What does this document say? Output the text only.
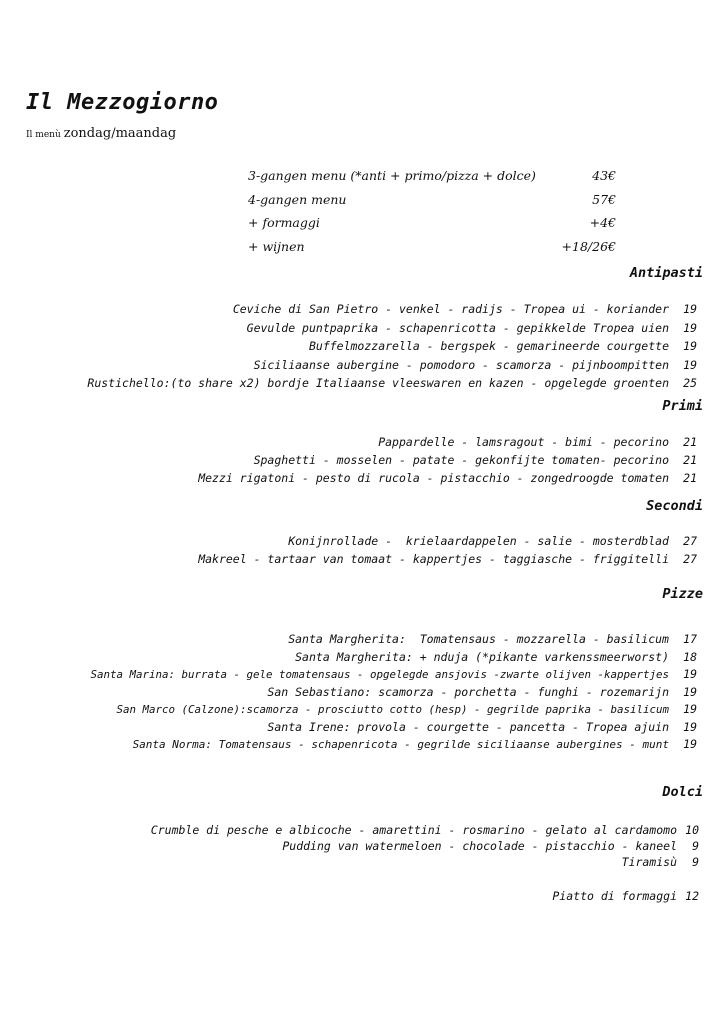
Il Mezzogiorno
Il menù zondag/maandag
3-gangen menu (*anti + primo/pizza + dolce)	43€
4-gangen menu	57€
+ formaggi	+4€
+ wijnen	+18/26€
Antipasti
Ceviche di San Pietro - venkel - radijs - Tropea ui - koriander	19
Gevulde puntpaprika - schapenricotta - gepikkelde Tropea uien	19
Buffelmozzarella - bergspek - gemarineerde courgette	19
Siciliaanse aubergine - pomodoro - scamorza - pijnboompitten	19
Rustichello:(to share x2) bordje Italiaanse vleeswaren en kazen - opgelegde groenten	25
Primi
Pappardelle - lamsragout - bimi - pecorino	21
Spaghetti - mosselen - patate - gekonfijte tomaten- pecorino	21
Mezzi rigatoni - pesto di rucola - pistacchio - zongedroogde tomaten	21
Secondi
Konijnrollade -  krielaardappelen - salie - mosterdblad	27
Makreel - tartaar van tomaat - kappertjes - taggiasche - friggitelli	27
Pizze
Santa Margherita:  Tomatensaus - mozzarella - basilicum	17
Santa Margherita: + nduja (*pikante varkenssmeerworst)	18
Santa Marina: burrata - gele tomatensaus - opgelegde ansjovis -zwarte olijven -kappertjes	19
San Sebastiano: scamorza - porchetta - funghi - rozemarijn	19
San Marco (Calzone):scamorza - prosciutto cotto (hesp) - gegrilde paprika - basilicum	19
Santa Irene: provola - courgette - pancetta - Tropea ajuin	19
Santa Norma: Tomatensaus - schapenricota - gegrilde siciliaanse aubergines - munt	19
Dolci
Crumble di pesche e albicoche - amarettini - rosmarino - gelato al cardamomo 10
Pudding van watermeloen - chocolade - pistacchio - kaneel	9
Tiramisù	9
Piatto di formaggi 12
